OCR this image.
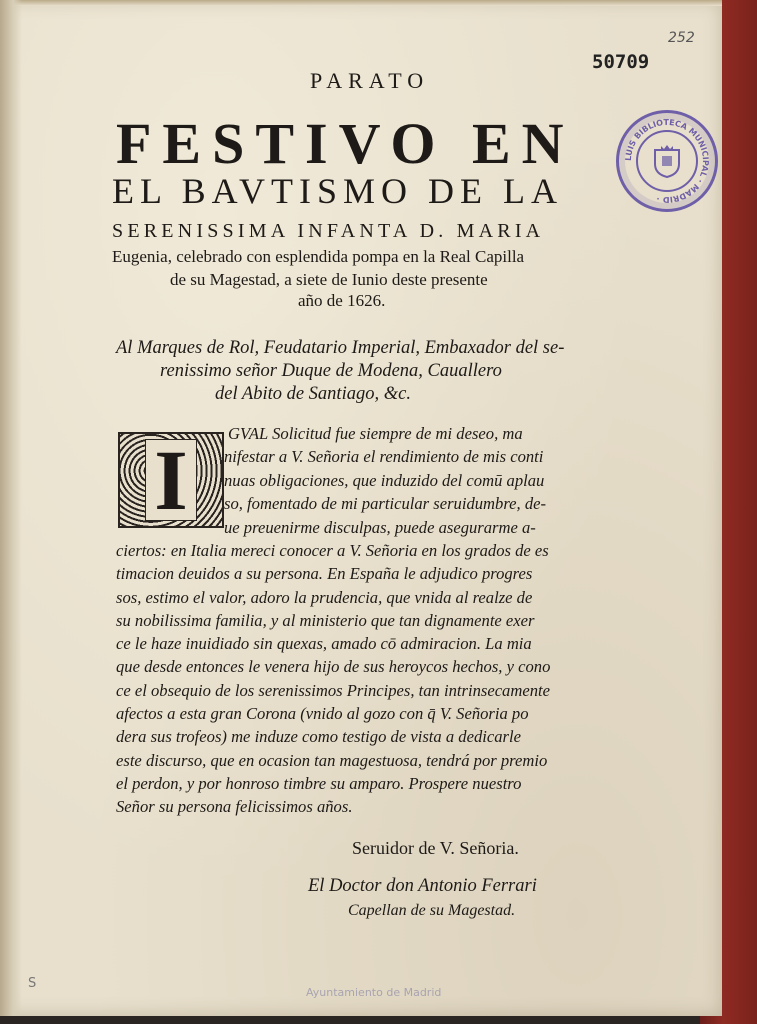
252
50709
PARATO
FESTIVO EN
EL BAVTISMO DE LA
SERENISSIMA INFANTA D. MARIA
Eugenia, celebrado con esplendida pompa en la Real Capilla
de su Magestad, a siete de Iunio deste presente
año de 1626.
LUIS BIBLIOTECA MUNICIPAL · MADRID ·
Al Marques de Rol, Feudatario Imperial, Embaxador del se-
renissimo señor Duque de Modena, Cauallero
del Abito de Santiago, &c.
I	GVAL Solicitud fue siempre de mi deseo, ma
nifestar a V. Señoria el rendimiento de mis conti
nuas obligaciones, que induzido del comū aplau
so, fomentado de mi particular seruidumbre, de-
ue preuenirme disculpas, puede asegurarme a-
ciertos: en Italia mereci conocer a V. Señoria en los grados de es
timacion deuidos a su persona. En España le adjudico progres
sos, estimo el valor, adoro la prudencia, que vnida al realze de
su nobilissima familia, y al ministerio que tan dignamente exer
ce le haze inuidiado sin quexas, amado cō admiracion. La mia
que desde entonces le venera hijo de sus heroycos hechos, y cono
ce el obsequio de los serenissimos Principes, tan intrinsecamente
afectos a esta gran Corona (vnido al gozo con q̄ V. Señoria po
dera sus trofeos) me induze como testigo de vista a dedicarle
este discurso, que en ocasion tan magestuosa, tendrá por premio
el perdon, y por honroso timbre su amparo. Prospere nuestro
Señor su persona felicissimos años.
Seruidor de V. Señoria.
El Doctor don Antonio Ferrari
Capellan de su Magestad.
Ayuntamiento de Madrid
S
